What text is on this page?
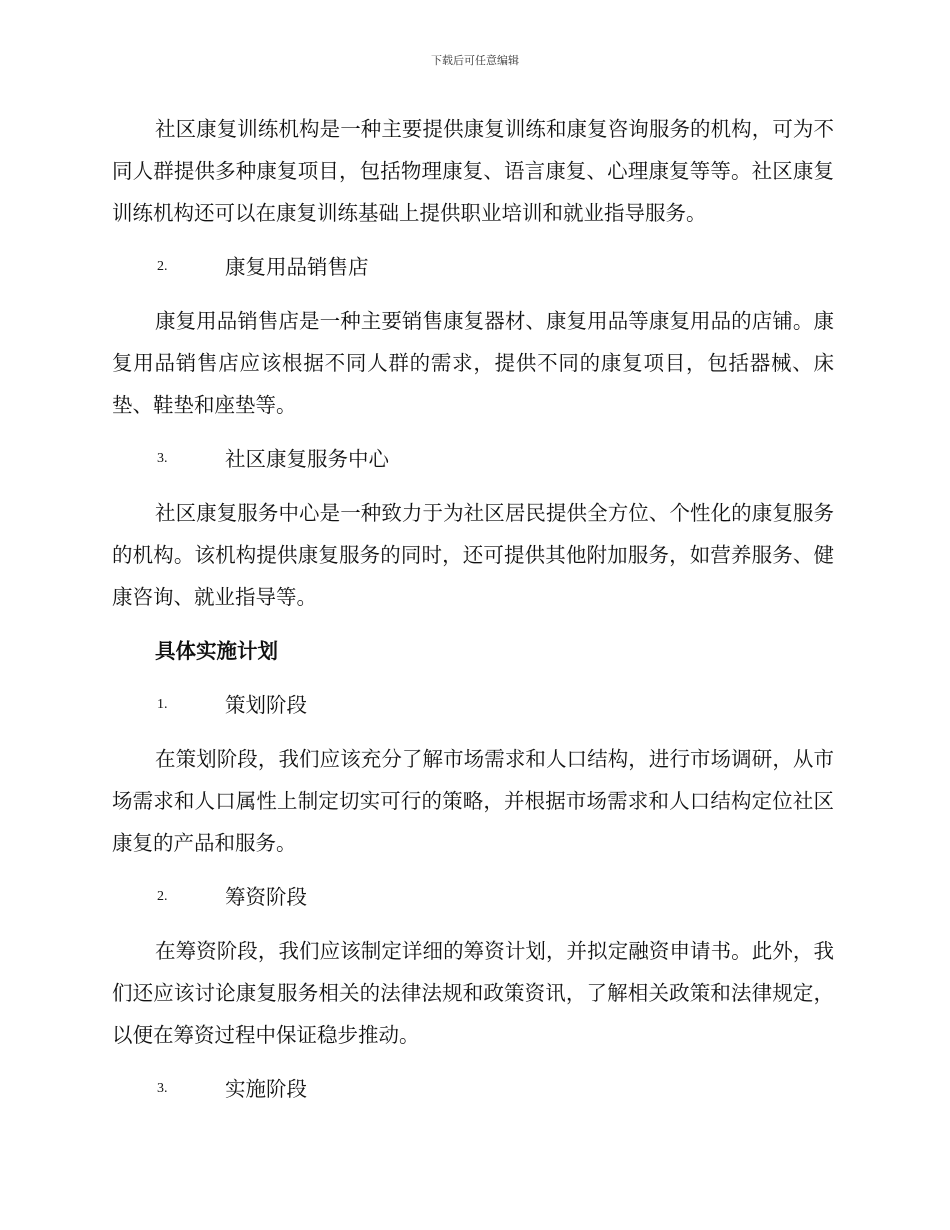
下载后可任意编辑

社区康复训练机构是一种主要提供康复训练和康复咨询服务的机构，可为不同人群提供多种康复项目，包括物理康复、语言康复、心理康复等等。社区康复训练机构还可以在康复训练基础上提供职业培训和就业指导服务。

2.	康复用品销售店

康复用品销售店是一种主要销售康复器材、康复用品等康复用品的店铺。康复用品销售店应该根据不同人群的需求，提供不同的康复项目，包括器械、床垫、鞋垫和座垫等。

3.	社区康复服务中心

社区康复服务中心是一种致力于为社区居民提供全方位、个性化的康复服务的机构。该机构提供康复服务的同时，还可提供其他附加服务，如营养服务、健康咨询、就业指导等。

具体实施计划
1.	策划阶段

在策划阶段，我们应该充分了解市场需求和人口结构，进行市场调研，从市场需求和人口属性上制定切实可行的策略，并根据市场需求和人口结构定位社区康复的产品和服务。

2.	筹资阶段

在筹资阶段，我们应该制定详细的筹资计划，并拟定融资申请书。此外，我们还应该讨论康复服务相关的法律法规和政策资讯，了解相关政策和法律规定，以便在筹资过程中保证稳步推动。

3.	实施阶段
